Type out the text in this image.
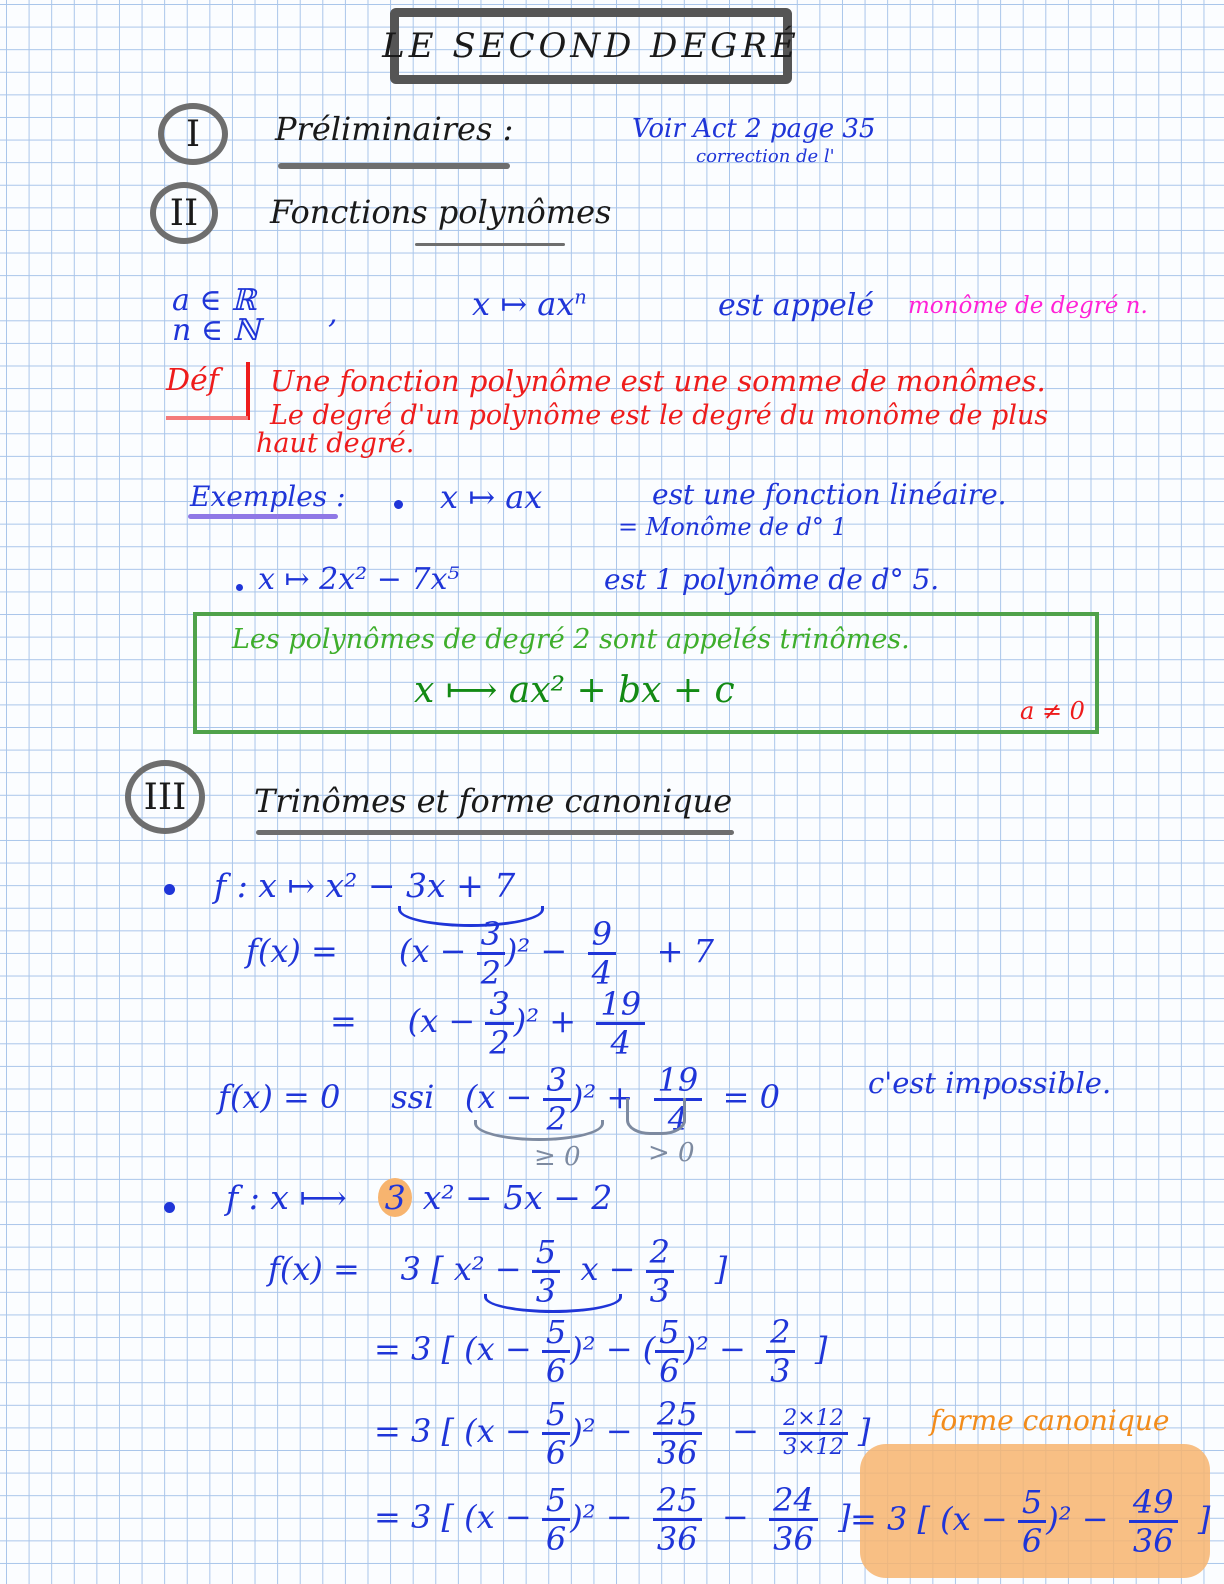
LE SECOND DEGRÉ
I Préliminaires :	Voir Act 2 page 35
correction de l'
II Fonctions polynômes
a ∈ ℝ
n ∈ ℕ ,	x ↦ $ax^n$	est appelé monôme de degré n.
Déf Une fonction polynôme est une somme de monômes.
Le degré d'un polynôme est le degré du monôme de plus
haut degré.
Exemples :	x ↦ ax	est une fonction linéaire.
= Monôme de d° 1
x ↦ 2x² − 7x⁵	est 1 polynôme de d° 5.
Les polynômes de degré 2 sont appelés trinômes.
x ⟼ ax² + bx + c	a ≠ 0
III Trinômes et forme canonique
f : x ↦ x² − 3x + 7
$f(x) = (x - \frac{3}{2} )^2 - \frac{9}{4} + 7$
= $(x - \frac{3}{2} )^2 + \frac{19}{4}$
f(x) = 0 ssi $(x - \frac{3}{2} )^2 + \frac{19}{4} = 0$	c'est impossible.
≥ 0	> 0
f : x ⟼ 3 x² − 5x − 2
f(x) = 3 [ $x^2 - \frac{5}{3}$ $x - \frac{2}{3}$ ]
= 3 [ $(x - \frac{5}{6} )^2$ − ( $\frac{5}{6} )^2 - \frac{2}{3}$ ]
= 3 [ $(x - \frac{5}{6} )^2 - \frac{25}{36} - \frac{2\times 12}{3\times 12}$ ]
= 3 [ $(x - \frac{5}{6} )^2 - \frac{25}{36} - \frac{24}{36}$ ]
forme canonique
= 3 [ $(x - \frac{5}{6} )^2 - \frac{49}{36}$ ]
